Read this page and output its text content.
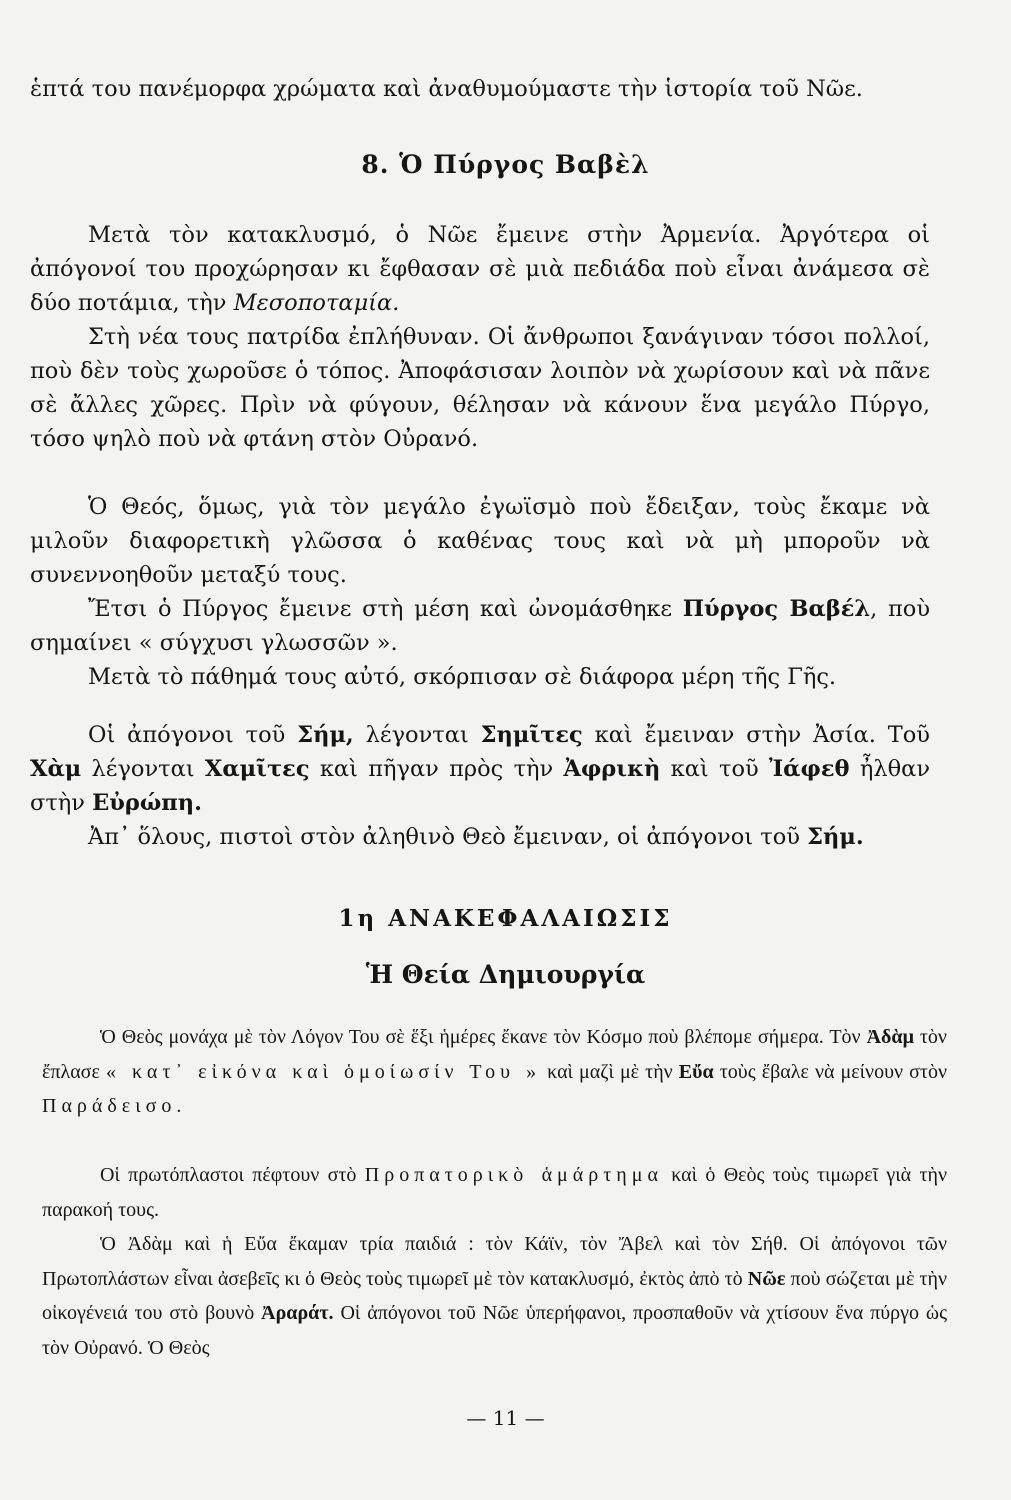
ἑπτά του πανέμορφα χρώματα καὶ ἀναθυμούμαστε τὴν ἱστορία τοῦ Νῶε.

8. Ὁ Πύργος Βαβὲλ

Μετὰ τὸν κατακλυσμό, ὁ Νῶε ἔμεινε στὴν Ἀρμενία. Ἀργότερα οἱ ἀπόγονοί του προχώρησαν κι ἔφθασαν σὲ μιὰ πεδιάδα ποὺ εἶναι ἀνάμεσα σὲ δύο ποτάμια, τὴν Μεσοποταμία.

Στὴ νέα τους πατρίδα ἐπλήθυναν. Οἱ ἄνθρωποι ξανάγιναν τόσοι πολλοί, ποὺ δὲν τοὺς χωροῦσε ὁ τόπος. Ἀποφάσισαν λοιπὸν νὰ χωρίσουν καὶ νὰ πᾶνε σὲ ἄλλες χῶρες. Πρὶν νὰ φύγουν, θέλησαν νὰ κάνουν ἕνα μεγάλο Πύργο, τόσο ψηλὸ ποὺ νὰ φτάνη στὸν Οὐρανό.

Ὁ Θεός, ὅμως, γιὰ τὸν μεγάλο ἐγωϊσμὸ ποὺ ἔδειξαν, τοὺς ἔκαμε νὰ μιλοῦν διαφορετικὴ γλῶσσα ὁ καθένας τους καὶ νὰ μὴ μποροῦν νὰ συνεννοηθοῦν μεταξύ τους.

Ἔτσι ὁ Πύργος ἔμεινε στὴ μέση καὶ ὠνομάσθηκε Πύργος Βαβέλ, ποὺ σημαίνει « σύγχυσι γλωσσῶν ».

Μετὰ τὸ πάθημά τους αὐτό, σκόρπισαν σὲ διάφορα μέρη τῆς Γῆς.

Οἱ ἀπόγονοι τοῦ Σήμ, λέγονται Σημῖτες καὶ ἔμειναν στὴν Ἀσία. Τοῦ Χὰμ λέγονται Χαμῖτες καὶ πῆγαν πρὸς τὴν Ἀφρικὴ καὶ τοῦ Ἰάφεθ ἦλθαν στὴν Εὐρώπη.

Ἀπ᾽ ὅλους, πιστοὶ στὸν ἀληθινὸ Θεὸ ἔμειναν, οἱ ἀπόγονοι τοῦ Σήμ.

1η ΑΝΑΚΕΦΑΛΑΙΩΣΙΣ
Ἡ Θεία Δημιουργία

Ὁ Θεὸς μονάχα μὲ τὸν Λόγον Του σὲ ἕξι ἡμέρες ἔκανε τὸν Κόσμο ποὺ βλέπομε σήμερα. Τὸν Ἀδὰμ τὸν ἔπλασε « κατ᾽ εἰκόνα καὶ ὁμοίωσίν Του » καὶ μαζὶ μὲ τὴν Εὔα τοὺς ἔβαλε νὰ μείνουν στὸν Παράδεισο.

Οἱ πρωτόπλαστοι πέφτουν στὸ Προπατορικὸ ἁμάρτημα καὶ ὁ Θεὸς τοὺς τιμωρεῖ γιὰ τὴν παρακοή τους.

Ὁ Ἀδὰμ καὶ ἡ Εὔα ἔκαμαν τρία παιδιά : τὸν Κάϊν, τὸν Ἄβελ καὶ τὸν Σήθ. Οἱ ἀπόγονοι τῶν Πρωτοπλάστων εἶναι ἀσεβεῖς κι ὁ Θεὸς τοὺς τιμωρεῖ μὲ τὸν κατακλυσμό, ἐκτὸς ἀπὸ τὸ Νῶε ποὺ σώζεται μὲ τὴν οἰκογένειά του στὸ βουνὸ Ἀραράτ. Οἱ ἀπόγονοι τοῦ Νῶε ὑπερήφανοι, προσπαθοῦν νὰ χτίσουν ἕνα πύργο ὡς τὸν Οὐρανό. Ὁ Θεὸς

— 11 —
